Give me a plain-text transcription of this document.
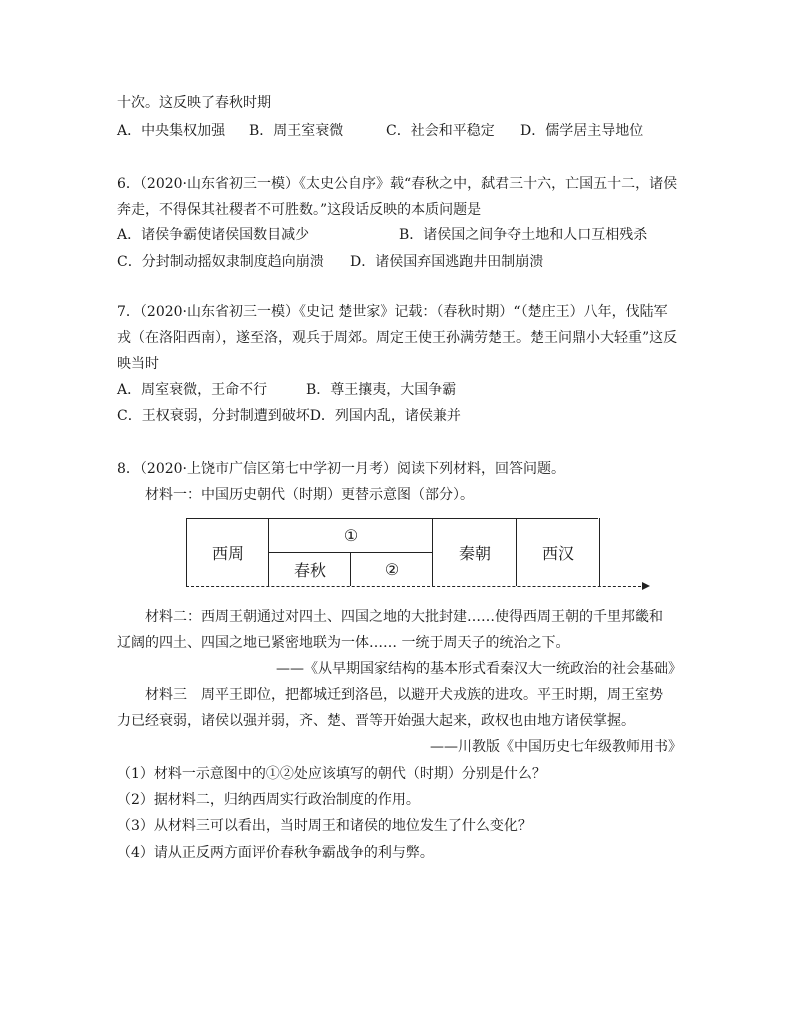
十次。这反映了春秋时期
A．中央集权加强 B．周王室衰微	C．社会和平稳定 D．儒学居主导地位
6．（2020·山东省初三一模）《太史公自序》载“春秋之中，弑君三十六，亡国五十二，诸侯
奔走，不得保其社稷者不可胜数。”这段话反映的本质问题是
A．诸侯争霸使诸侯国数目减少	B．诸侯国之间争夺土地和人口互相残杀
C．分封制动摇奴隶制度趋向崩溃 D．诸侯国弃国逃跑井田制崩溃
7．（2020·山东省初三一模）《史记 楚世家》记载：（春秋时期）“（楚庄王）八年，伐陆军
戎（在洛阳西南），遂至洛，观兵于周郊。周定王使王孙满劳楚王。楚王问鼎小大轻重”这反
映当时
A．周室衰微，王命不行	B．尊王攘夷，大国争霸
C．王权衰弱，分封制遭到破坏D．列国内乱，诸侯兼并
8．（2020·上饶市广信区第七中学初一月考）阅读下列材料，回答问题。
材料一：中国历史朝代（时期）更替示意图（部分）。
西周
①
春秋	②
秦朝	西汉
材料二：西周王朝通过对四土、四国之地的大批封建……使得西周王朝的千里邦畿和
辽阔的四土、四国之地已紧密地联为一体…… 一统于周天子的统治之下。
——《从早期国家结构的基本形式看秦汉大一统政治的社会基础》
材料三　周平王即位，把都城迁到洛邑，以避开犬戎族的进攻。平王时期，周王室势
力已经衰弱，诸侯以强并弱，齐、楚、晋等开始强大起来，政权也由地方诸侯掌握。
——川教版《中国历史七年级教师用书》
（1）材料一示意图中的①②处应该填写的朝代（时期）分别是什么？
（2）据材料二，归纳西周实行政治制度的作用。
（3）从材料三可以看出，当时周王和诸侯的地位发生了什么变化？
（4）请从正反两方面评价春秋争霸战争的利与弊。
